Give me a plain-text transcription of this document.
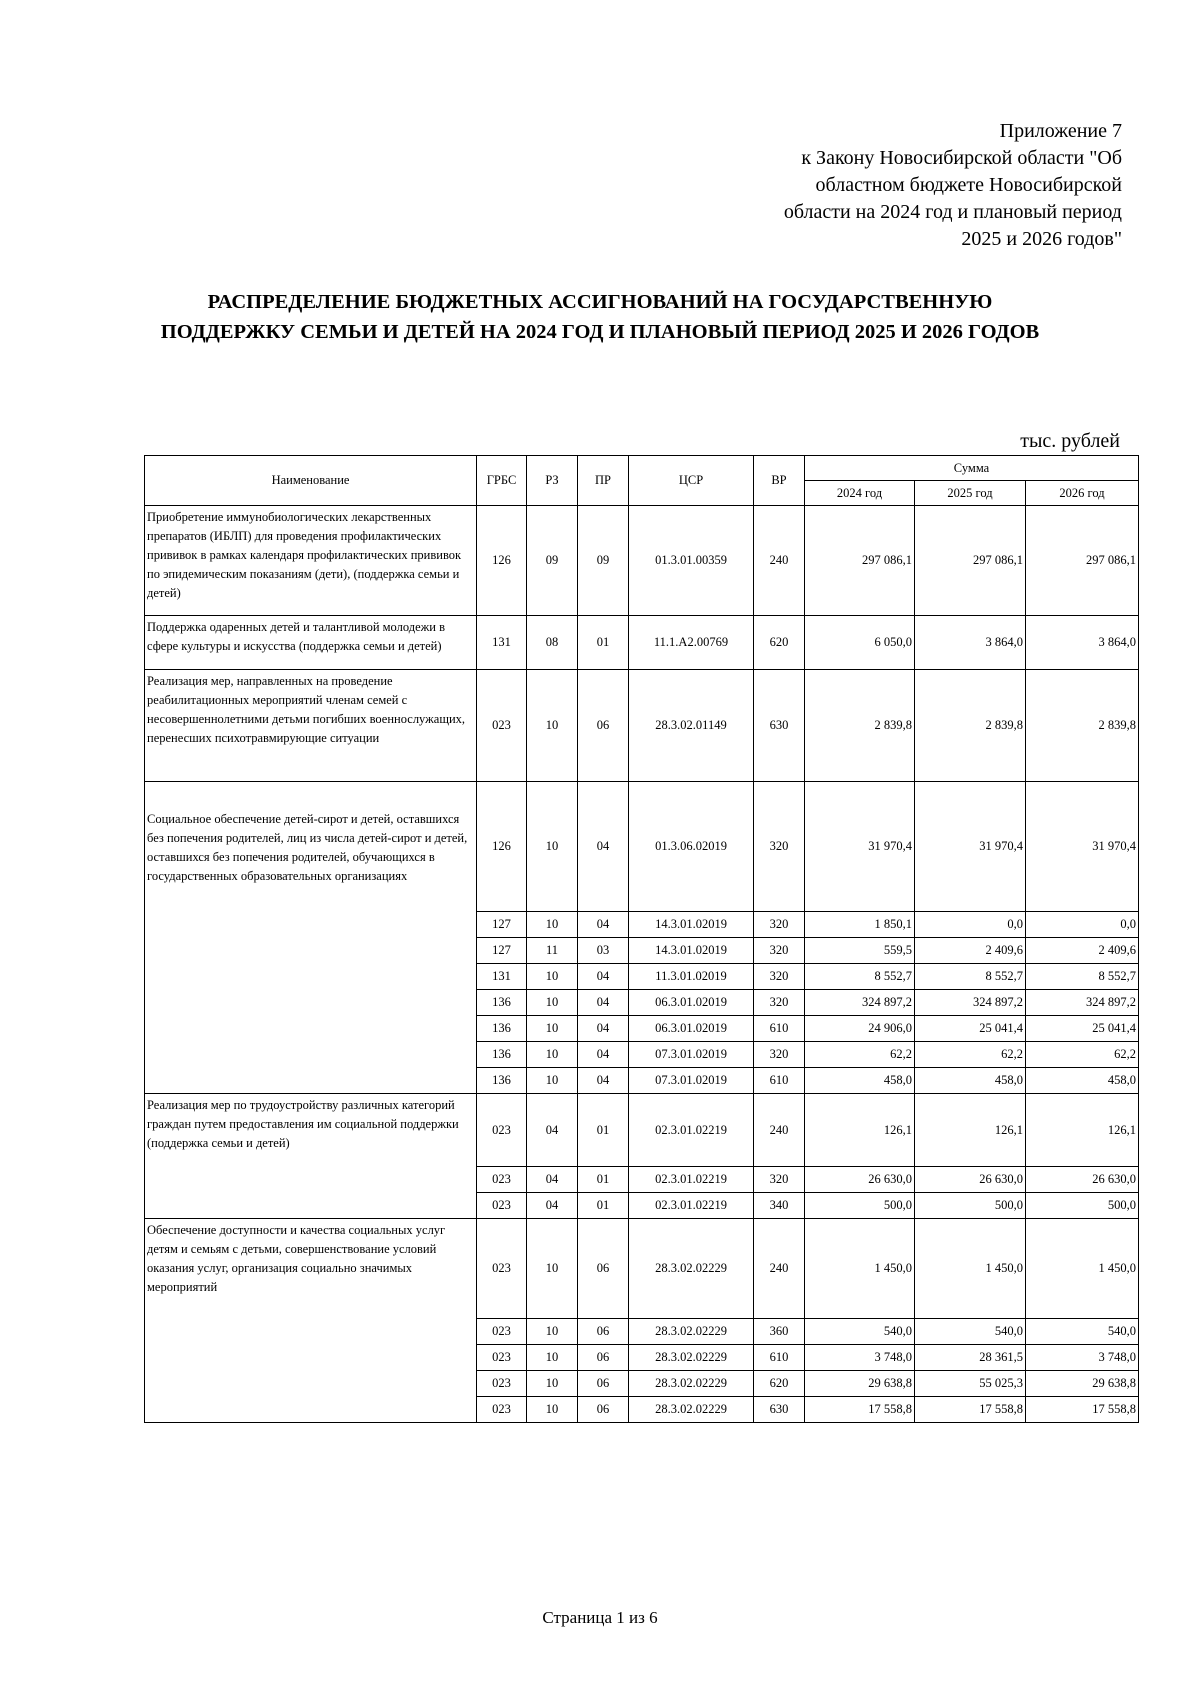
Приложение 7
к Закону Новосибирской области "Об
областном бюджете Новосибирской
области на 2024 год и плановый период
2025 и 2026 годов"
РАСПРЕДЕЛЕНИЕ БЮДЖЕТНЫХ АССИГНОВАНИЙ НА ГОСУДАРСТВЕННУЮ
ПОДДЕРЖКУ СЕМЬИ И ДЕТЕЙ НА 2024 ГОД И ПЛАНОВЫЙ ПЕРИОД 2025 И 2026 ГОДОВ
тыс. рублей
Наименование	ГРБС	РЗ	ПР	ЦСР	ВР	Сумма		
						2024 год	2025 год	2026 год
Приобретение иммунобиологических лекарственных препаратов (ИБЛП) для проведения профилактических прививок в рамках календаря профилактических прививок по эпидемическим показаниям (дети), (поддержка семьи и детей)	126	09	09	01.3.01.00359	240	297 086,1	297 086,1	297 086,1
Поддержка одаренных детей и талантливой молодежи в сфере культуры и искусства (поддержка семьи и детей)	131	08	01	11.1.A2.00769	620	6 050,0	3 864,0	3 864,0
Реализация мер, направленных на проведение реабилитационных мероприятий членам семей с несовершеннолетними детьми погибших военнослужащих, перенесших психотравмирующие ситуации	023	10	06	28.3.02.01149	630	2 839,8	2 839,8	2 839,8
Социальное обеспечение детей-сирот и детей, оставшихся без попечения родителей, лиц из числа детей-сирот и детей, оставшихся без попечения родителей, обучающихся в государственных образовательных организациях	126	10	04	01.3.06.02019	320	31 970,4	31 970,4	31 970,4
	127	10	04	14.3.01.02019	320	1 850,1	0,0	0,0
	127	11	03	14.3.01.02019	320	559,5	2 409,6	2 409,6
	131	10	04	11.3.01.02019	320	8 552,7	8 552,7	8 552,7
	136	10	04	06.3.01.02019	320	324 897,2	324 897,2	324 897,2
	136	10	04	06.3.01.02019	610	24 906,0	25 041,4	25 041,4
	136	10	04	07.3.01.02019	320	62,2	62,2	62,2
	136	10	04	07.3.01.02019	610	458,0	458,0	458,0
Реализация мер по трудоустройству различных категорий граждан путем предоставления им социальной поддержки (поддержка семьи и детей)	023	04	01	02.3.01.02219	240	126,1	126,1	126,1
	023	04	01	02.3.01.02219	320	26 630,0	26 630,0	26 630,0
	023	04	01	02.3.01.02219	340	500,0	500,0	500,0
Обеспечение доступности и качества социальных услуг детям и семьям с детьми, совершенствование условий оказания услуг, организация социально значимых мероприятий	023	10	06	28.3.02.02229	240	1 450,0	1 450,0	1 450,0
	023	10	06	28.3.02.02229	360	540,0	540,0	540,0
	023	10	06	28.3.02.02229	610	3 748,0	28 361,5	3 748,0
	023	10	06	28.3.02.02229	620	29 638,8	55 025,3	29 638,8
	023	10	06	28.3.02.02229	630	17 558,8	17 558,8	17 558,8
Страница 1 из 6
